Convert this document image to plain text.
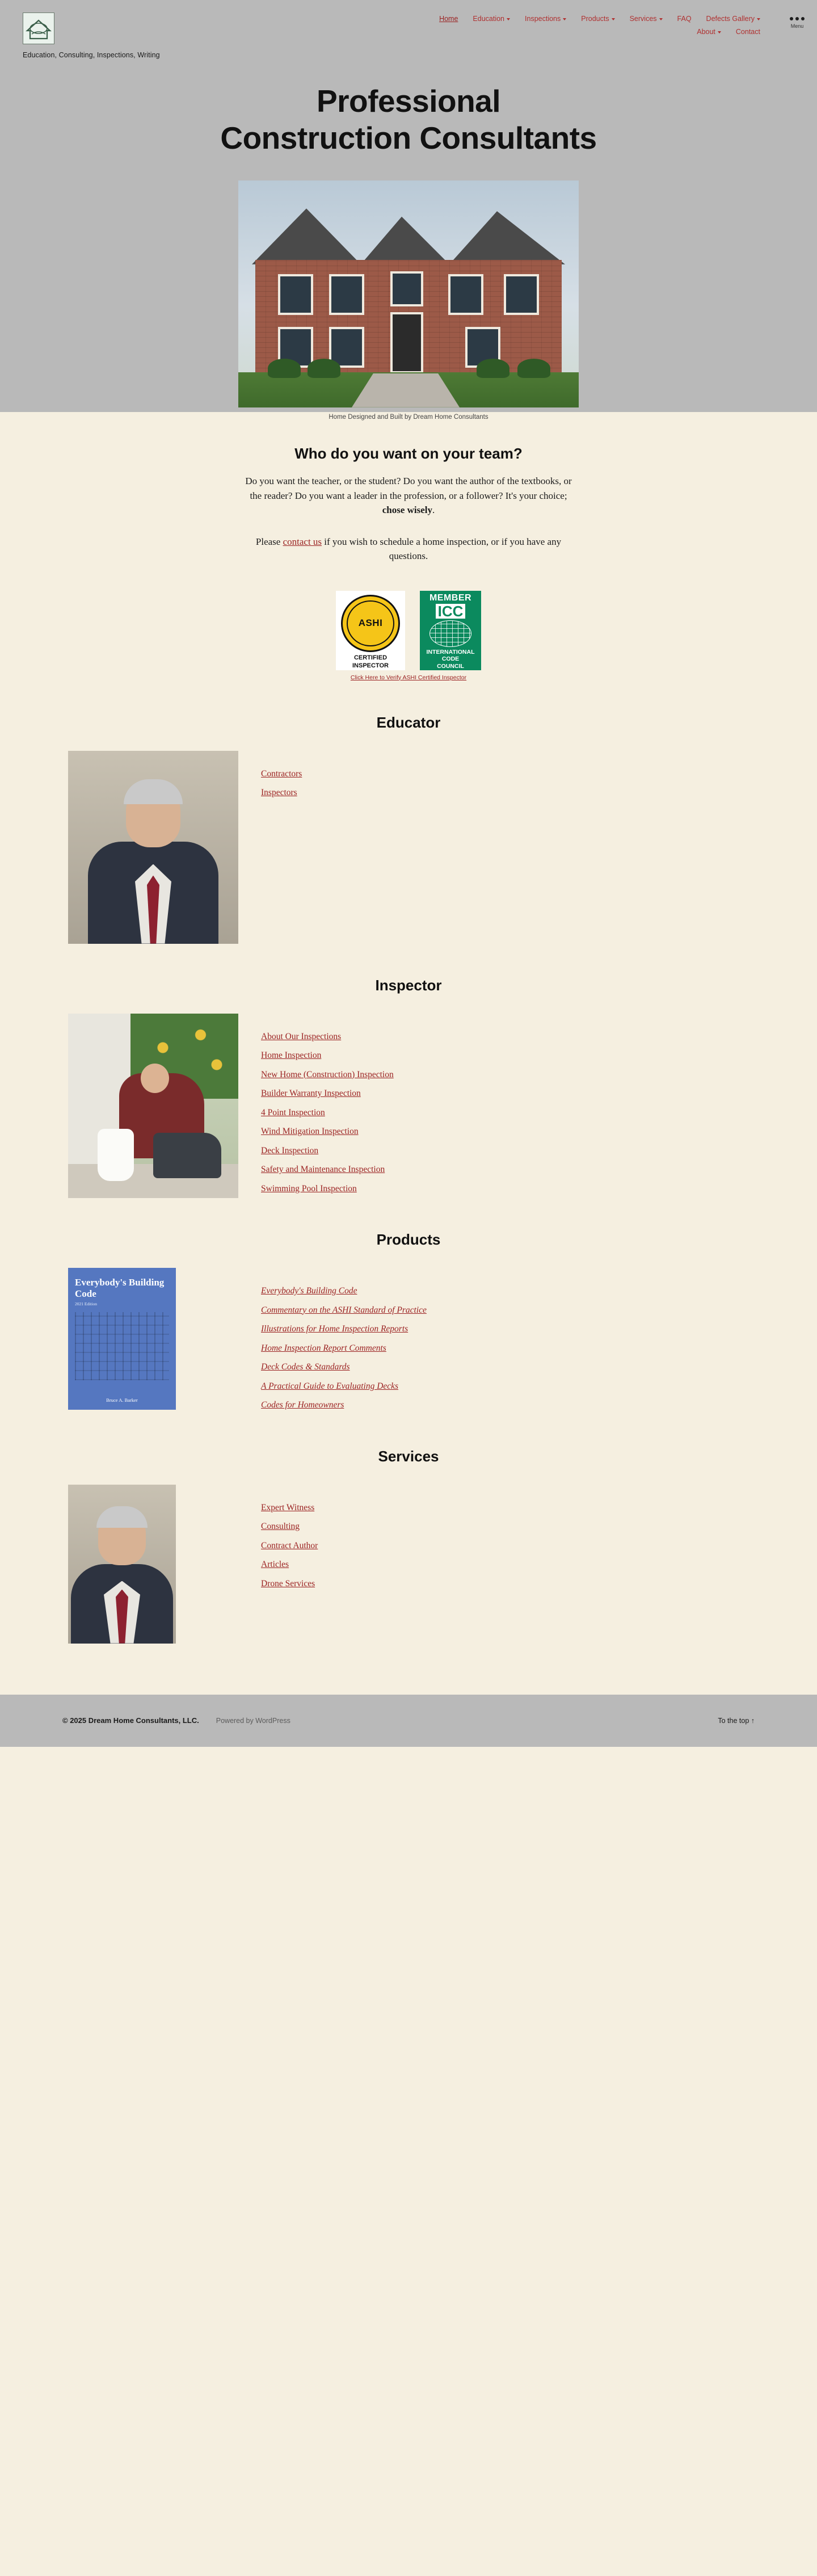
Education, Consulting, Inspections, Writing
Home Education	Inspections	Products	Services	FAQ Defects Gallery
About	Contact
Menu
Professional
Construction Consultants
Home Designed and Built by Dream Home Consultants
Who do you want on your team?

Do you want the teacher, or the student? Do you want the author of the textbooks, or the reader? Do you want a leader in the profession, or a follower? It's your choice; chose wisely.

Please contact us if you wish to schedule a home inspection, or if you have any questions.

ASHI
CERTIFIED
INSPECTOR
MEMBER
ICC
INTERNATIONAL
CODE
COUNCIL
Click Here to Verify ASHI Certified Inspector
Educator
Contractors
Inspectors
Inspector
About Our Inspections
Home Inspection
New Home (Construction) Inspection
Builder Warranty Inspection
4 Point Inspection
Wind Mitigation Inspection
Deck Inspection
Safety and Maintenance Inspection
Swimming Pool Inspection
Products
Everybody's Building Code
2021 Edition
Bruce A. Barker
Everybody's Building Code
Commentary on the ASHI Standard of Practice
Illustrations for Home Inspection Reports
Home Inspection Report Comments
Deck Codes & Standards
A Practical Guide to Evaluating Decks
Codes for Homeowners
Services
Expert Witness
Consulting
Contract Author
Articles
Drone Services
© 2025 Dream Home Consultants, LLC. Powered by WordPress	To the top ↑
